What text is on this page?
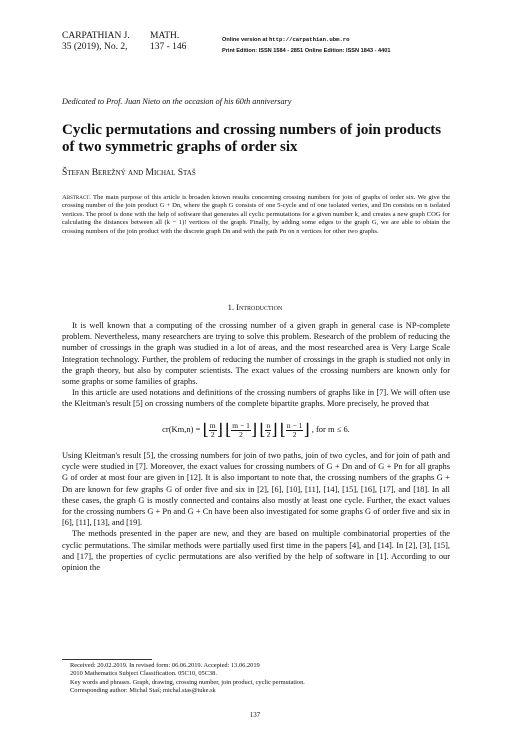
CARPATHIAN J.
35 (2019), No. 2,
MATH.
137 - 146
Online version at http://carpathian.ubm.ro
Print Edition: ISSN 1584 - 2851 Online Edition: ISSN 1843 - 4401
Dedicated to Prof. Juan Nieto on the occasion of his 60th anniversary
Cyclic permutations and crossing numbers of join products of two symmetric graphs of order six
Štefan Berežný and Michal Staš
Abstract. The main purpose of this article is broaden known results concerning crossing numbers for join of graphs of order six. We give the crossing number of the join product G + Dn, where the graph G consists of one 5-cycle and of one isolated vertex, and Dn consists on n isolated vertices. The proof is done with the help of software that generates all cyclic permutations for a given number k, and creates a new graph COG for calculating the distances between all (k − 1)! vertices of the graph. Finally, by adding some edges to the graph G, we are able to obtain the crossing numbers of the join product with the discrete graph Dn and with the path Pn on n vertices for other two graphs.
1. Introduction
It is well known that a computing of the crossing number of a given graph in general case is NP-complete problem. Nevertheless, many researchers are trying to solve this problem. Research of the problem of reducing the number of crossings in the graph was studied in a lot of areas, and the most researched area is Very Large Scale Integration technology. Further, the problem of reducing the number of crossings in the graph is studied not only in the graph theory, but also by computer scientists. The exact values of the crossing numbers are known only for some graphs or some families of graphs.
In this article are used notations and definitions of the crossing numbers of graphs like in [7]. We will often use the Kleitman's result [5] on crossing numbers of the complete bipartite graphs. More precisely, he proved that
cr(Km,n) = ⌊ $\frac{m}{2}$ ⌋ ⌊ $\frac{m - 1}{2}$ ⌋ ⌊ $\frac{n}{2}$ ⌋ ⌊ $\frac{n - 1}{2}$ ⌋ , for m ≤ 6.
Using Kleitman's result [5], the crossing numbers for join of two paths, join of two cycles, and for join of path and cycle were studied in [7]. Moreover, the exact values for crossing numbers of G + Dn and of G + Pn for all graphs G of order at most four are given in [12]. It is also important to note that, the crossing numbers of the graphs G + Dn are known for few graphs G of order five and six in [2], [6], [10], [11], [14], [15], [16], [17], and [18]. In all these cases, the graph G is mostly connected and contains also mostly at least one cycle. Further, the exact values for the crossing numbers G + Pn and G + Cn have been also investigated for some graphs G of order five and six in [6], [11], [13], and [19].
The methods presented in the paper are new, and they are based on multiple combinatorial properties of the cyclic permutations. The similar methods were partially used first time in the papers [4], and [14]. In [2], [3], [15], and [17], the properties of cyclic permutations are also verified by the help of software in [1]. According to our opinion the
Received: 20.02.2019. In revised form: 06.06.2019. Accepted: 13.06.2019
2010 Mathematics Subject Classification. 05C10, 05C38.
Key words and phrases. Graph, drawing, crossing number, join product, cyclic permutation.
Corresponding author: Michal Staš; michal.stas@tuke.sk
137
